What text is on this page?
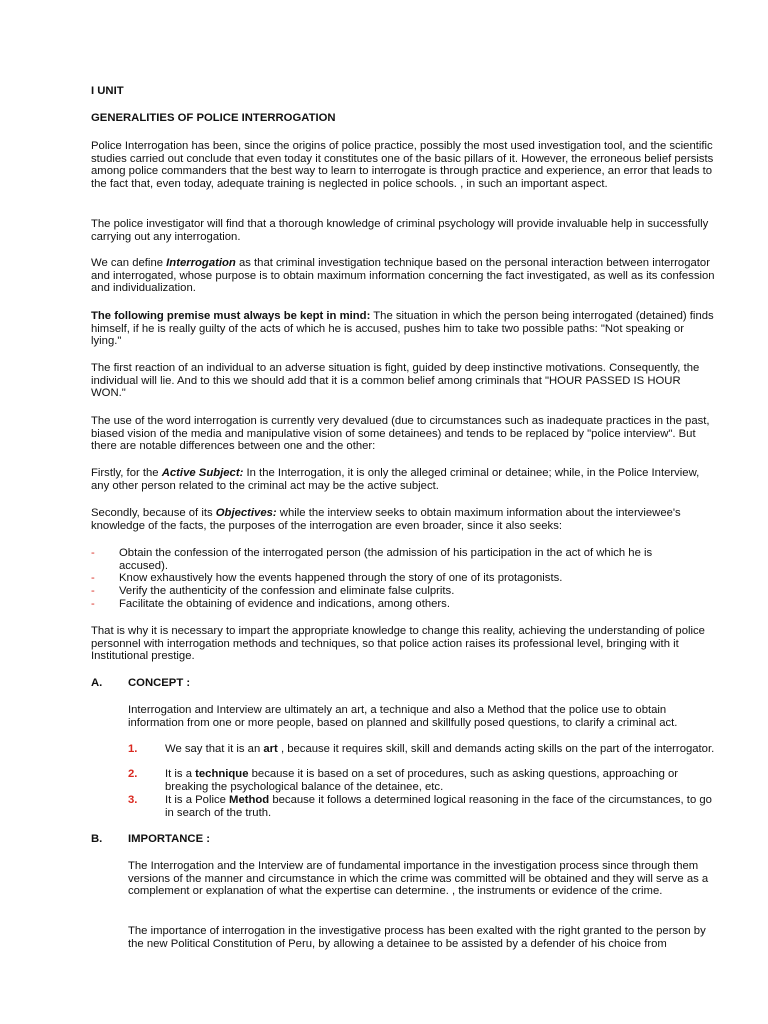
I UNIT

GENERALITIES OF POLICE INTERROGATION

Police Interrogation has been, since the origins of police practice, possibly the most used investigation tool, and the scientific studies carried out conclude that even today it constitutes one of the basic pillars of it. However, the erroneous belief persists among police commanders that the best way to learn to interrogate is through practice and experience, an error that leads to the fact that, even today, adequate training is neglected in police schools. , in such an important aspect.

The police investigator will find that a thorough knowledge of criminal psychology will provide invaluable help in successfully carrying out any interrogation.

We can define Interrogation as that criminal investigation technique based on the personal interaction between interrogator and interrogated, whose purpose is to obtain maximum information concerning the fact investigated, as well as its confession and individualization.

The following premise must always be kept in mind: The situation in which the person being interrogated (detained) finds himself, if he is really guilty of the acts of which he is accused, pushes him to take two possible paths: "Not speaking or lying."

The first reaction of an individual to an adverse situation is fight, guided by deep instinctive motivations. Consequently, the individual will lie. And to this we should add that it is a common belief among criminals that "HOUR PASSED IS HOUR WON."

The use of the word interrogation is currently very devalued (due to circumstances such as inadequate practices in the past, biased vision of the media and manipulative vision of some detainees) and tends to be replaced by "police interview". But there are notable differences between one and the other:

Firstly, for the Active Subject: In the Interrogation, it is only the alleged criminal or detainee; while, in the Police Interview, any other person related to the criminal act may be the active subject.

Secondly, because of its Objectives: while the interview seeks to obtain maximum information about the interviewee's knowledge of the facts, the purposes of the interrogation are even broader, since it also seeks:

- Obtain the confession of the interrogated person (the admission of his participation in the act of which he is accused).

- Know exhaustively how the events happened through the story of one of its protagonists.

- Verify the authenticity of the confession and eliminate false culprits.

- Facilitate the obtaining of evidence and indications, among others.

That is why it is necessary to impart the appropriate knowledge to change this reality, achieving the understanding of police personnel with interrogation methods and techniques, so that police action raises its professional level, bringing with it Institutional prestige.

A. CONCEPT :

Interrogation and Interview are ultimately an art, a technique and also a Method that the police use to obtain information from one or more people, based on planned and skillfully posed questions, to clarify a criminal act.

1. We say that it is an art , because it requires skill, skill and demands acting skills on the part of the interrogator.

2. It is a technique because it is based on a set of procedures, such as asking questions, approaching or breaking the psychological balance of the detainee, etc.

3. It is a Police Method because it follows a determined logical reasoning in the face of the circumstances, to go in search of the truth.

B. IMPORTANCE :

The Interrogation and the Interview are of fundamental importance in the investigation process since through them versions of the manner and circumstance in which the crime was committed will be obtained and they will serve as a complement or explanation of what the expertise can determine. , the instruments or evidence of the crime.

The importance of interrogation in the investigative process has been exalted with the right granted to the person by the new Political Constitution of Peru, by allowing a detainee to be assisted by a defender of his choice from
